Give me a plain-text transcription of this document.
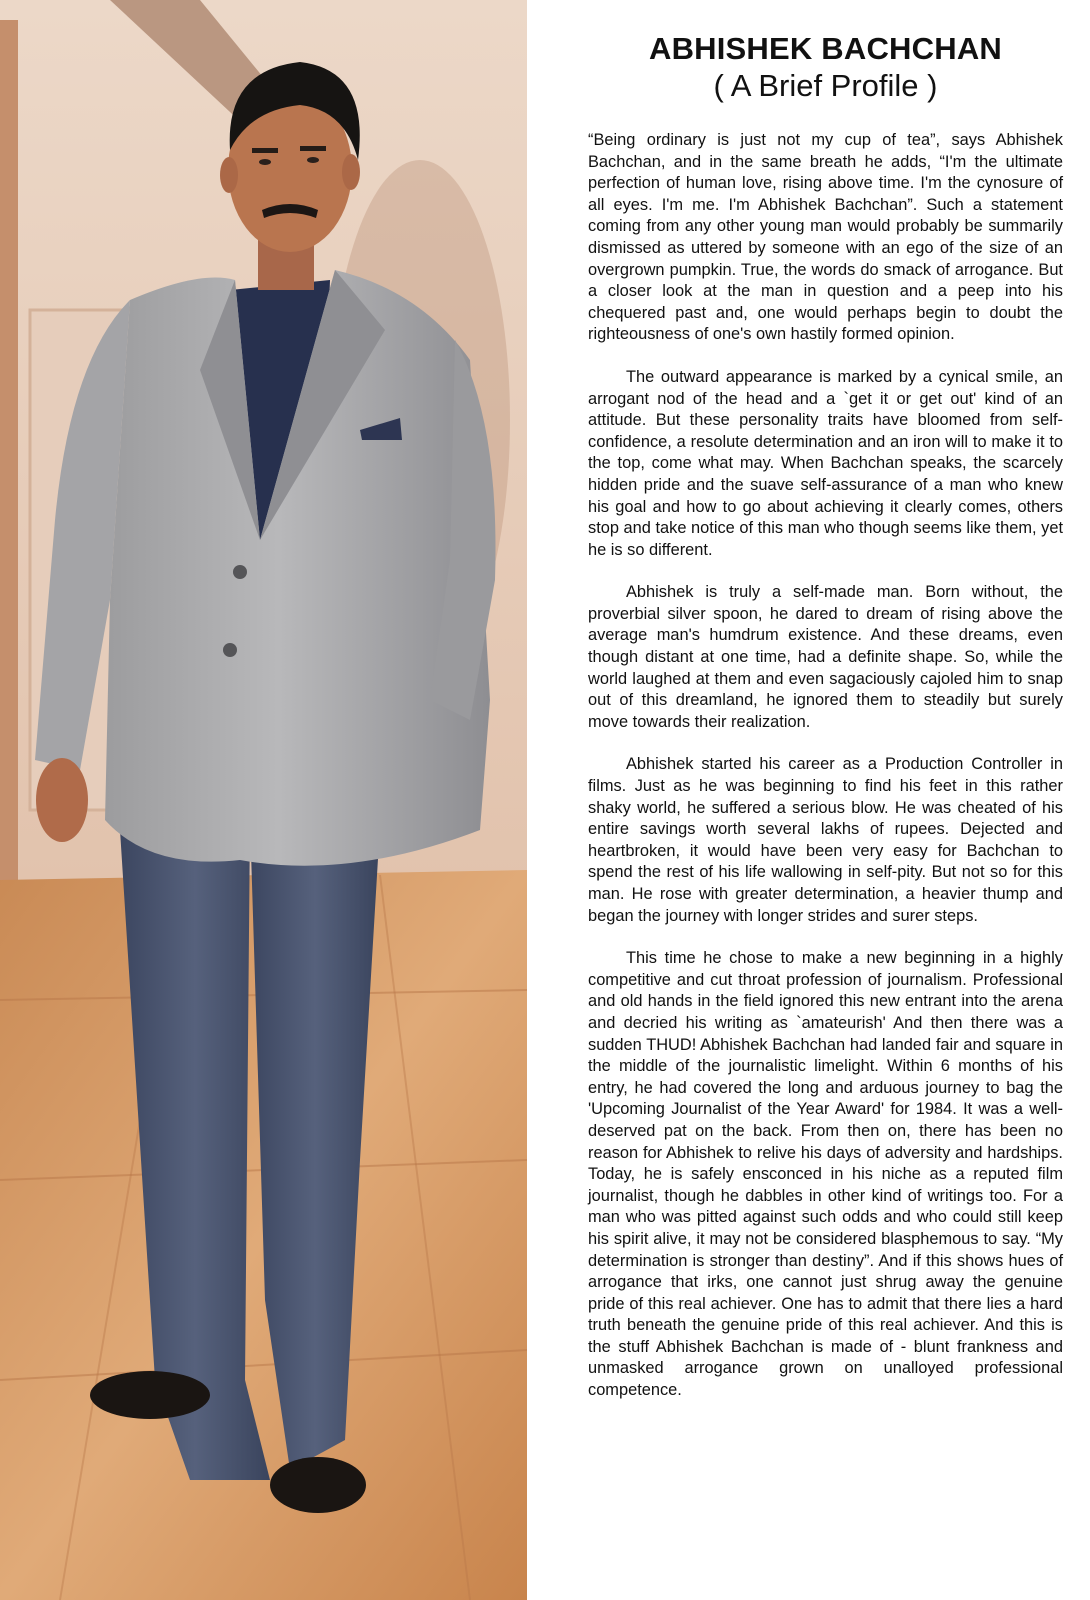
ABHISHEK BACHCHAN
( A Brief Profile )

“Being ordinary is just not my cup of tea”, says Abhishek Bachchan, and in the same breath he adds, “I'm the ultimate perfection of human love, rising above time. I'm the cynosure of all eyes. I'm me. I'm Abhishek Bachchan”. Such a statement coming from any other young man would probably be summarily dismissed as uttered by someone with an ego of the size of an overgrown pumpkin. True, the words do smack of arrogance. But a closer look at the man in question and a peep into his chequered past and, one would perhaps begin to doubt the righteousness of one's own hastily formed opinion.

The outward appearance is marked by a cynical smile, an arrogant nod of the head and a `get it or get out' kind of an attitude. But these personality traits have bloomed from self-confidence, a resolute determination and an iron will to make it to the top, come what may. When Bachchan speaks, the scarcely hidden pride and the suave self-assurance of a man who knew his goal and how to go about achieving it clearly comes, others stop and take notice of this man who though seems like them, yet he is so different.

Abhishek is truly a self-made man. Born without, the proverbial silver spoon, he dared to dream of rising above the average man's humdrum existence. And these dreams, even though distant at one time, had a definite shape. So, while the world laughed at them and even sagaciously cajoled him to snap out of this dreamland, he ignored them to steadily but surely move towards their realization.

Abhishek started his career as a Production Controller in films. Just as he was beginning to find his feet in this rather shaky world, he suffered a serious blow. He was cheated of his entire savings worth several lakhs of rupees. Dejected and heartbroken, it would have been very easy for Bachchan to spend the rest of his life wallowing in self-pity. But not so for this man. He rose with greater determination, a heavier thump and began the journey with longer strides and surer steps.

This time he chose to make a new beginning in a highly competitive and cut throat profession of journalism. Professional and old hands in the field ignored this new entrant into the arena and decried his writing as `amateurish' And then there was a sudden THUD! Abhishek Bachchan had landed fair and square in the middle of the journalistic limelight. Within 6 months of his entry, he had covered the long and arduous journey to bag the 'Upcoming Journalist of the Year Award' for 1984. It was a well-deserved pat on the back. From then on, there has been no reason for Abhishek to relive his days of adversity and hardships. Today, he is safely ensconced in his niche as a reputed film journalist, though he dabbles in other kind of writings too. For a man who was pitted against such odds and who could still keep his spirit alive, it may not be considered blasphemous to say. “My determination is stronger than destiny”. And if this shows hues of arrogance that irks, one cannot just shrug away the genuine pride of this real achiever. One has to admit that there lies a hard truth beneath the genuine pride of this real achiever. And this is the stuff Abhishek Bachchan is made of - blunt frankness and unmasked arrogance grown on unalloyed professional competence.
